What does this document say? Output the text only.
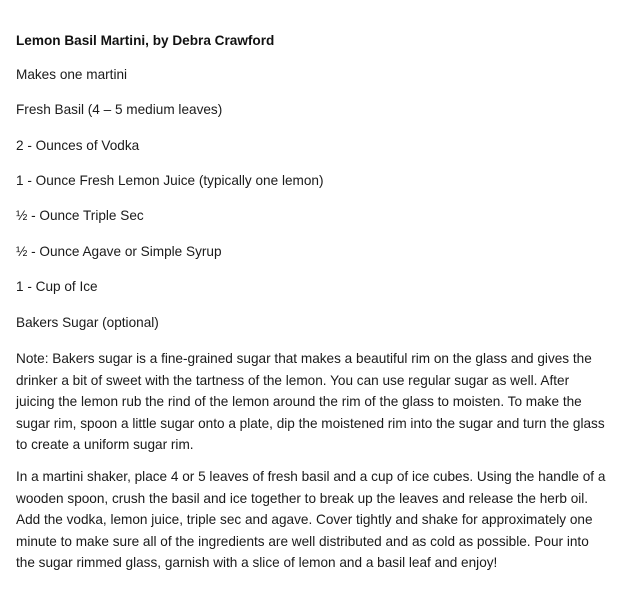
Lemon Basil Martini, by Debra Crawford

Makes one martini

Fresh Basil (4 – 5 medium leaves)

2 - Ounces of Vodka

1 - Ounce Fresh Lemon Juice (typically one lemon)

½ - Ounce Triple Sec

½ - Ounce Agave or Simple Syrup

1 - Cup of Ice

Bakers Sugar (optional)

Note: Bakers sugar is a fine-grained sugar that makes a beautiful rim on the glass and gives the drinker a bit of sweet with the tartness of the lemon. You can use regular sugar as well. After juicing the lemon rub the rind of the lemon around the rim of the glass to moisten. To make the sugar rim, spoon a little sugar onto a plate, dip the moistened rim into the sugar and turn the glass to create a uniform sugar rim.

In a martini shaker, place 4 or 5 leaves of fresh basil and a cup of ice cubes. Using the handle of a wooden spoon, crush the basil and ice together to break up the leaves and release the herb oil. Add the vodka, lemon juice, triple sec and agave. Cover tightly and shake for approximately one minute to make sure all of the ingredients are well distributed and as cold as possible. Pour into the sugar rimmed glass, garnish with a slice of lemon and a basil leaf and enjoy!
